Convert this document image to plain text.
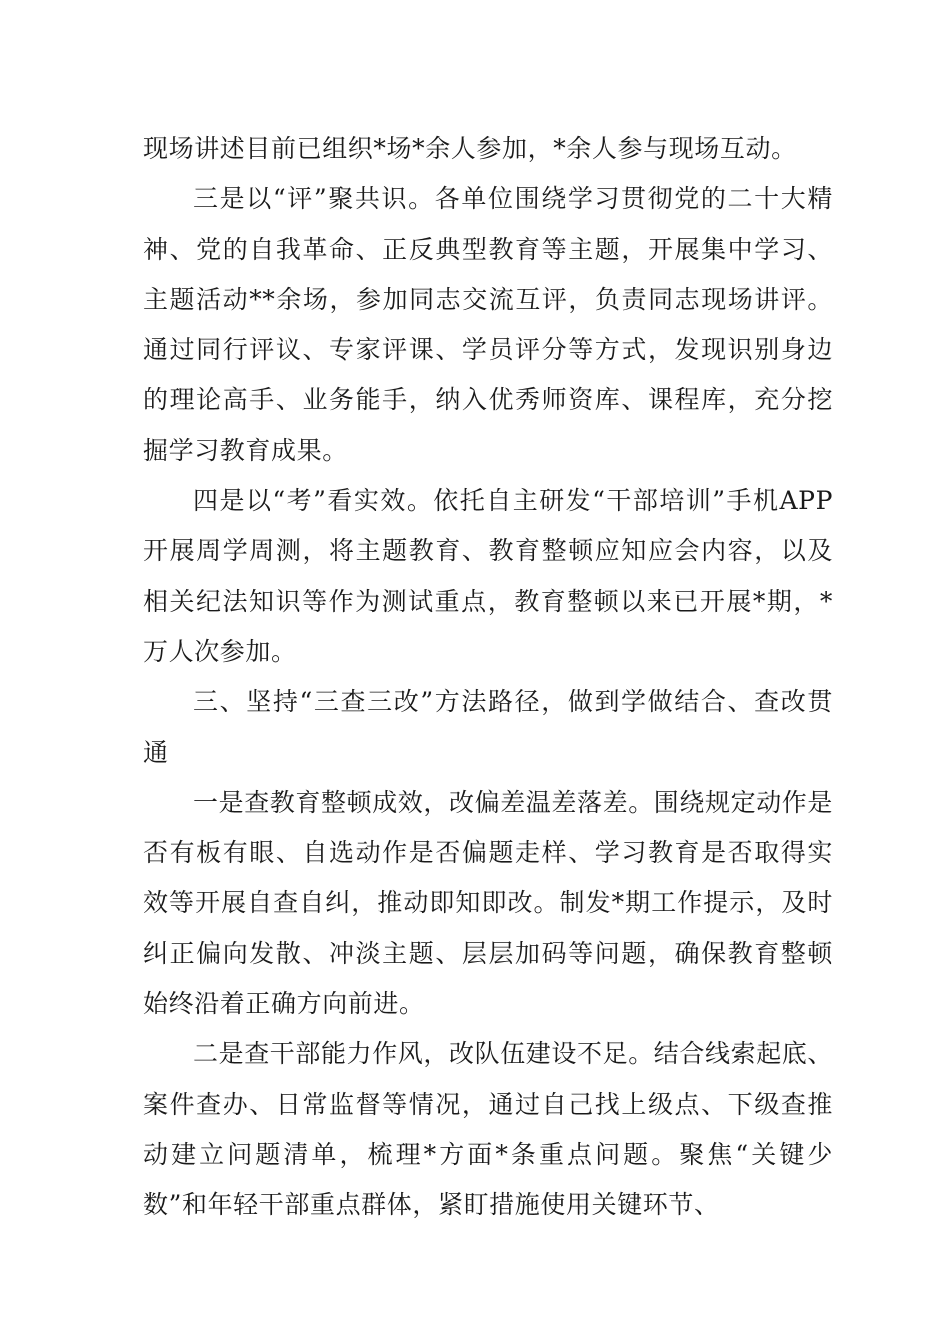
现场讲述目前已组织*场*余人参加，*余人参与现场互动。

三是以“评”聚共识。各单位围绕学习贯彻党的二十大精神、党的自我革命、正反典型教育等主题，开展集中学习、主题活动**余场，参加同志交流互评，负责同志现场讲评。通过同行评议、专家评课、学员评分等方式，发现识别身边的理论高手、业务能手，纳入优秀师资库、课程库，充分挖掘学习教育成果。

四是以“考”看实效。依托自主研发“干部培训”手机APP开展周学周测，将主题教育、教育整顿应知应会内容，以及相关纪法知识等作为测试重点，教育整顿以来已开展*期，*万人次参加。

三、坚持“三查三改”方法路径，做到学做结合、查改贯通

一是查教育整顿成效，改偏差温差落差。围绕规定动作是否有板有眼、自选动作是否偏题走样、学习教育是否取得实效等开展自查自纠，推动即知即改。制发*期工作提示，及时纠正偏向发散、冲淡主题、层层加码等问题，确保教育整顿始终沿着正确方向前进。

二是查干部能力作风，改队伍建设不足。结合线索起底、案件查办、日常监督等情况，通过自己找上级点、下级查推动建立问题清单，梳理*方面*条重点问题。聚焦“关键少数”和年轻干部重点群体，紧盯措施使用关键环节、
